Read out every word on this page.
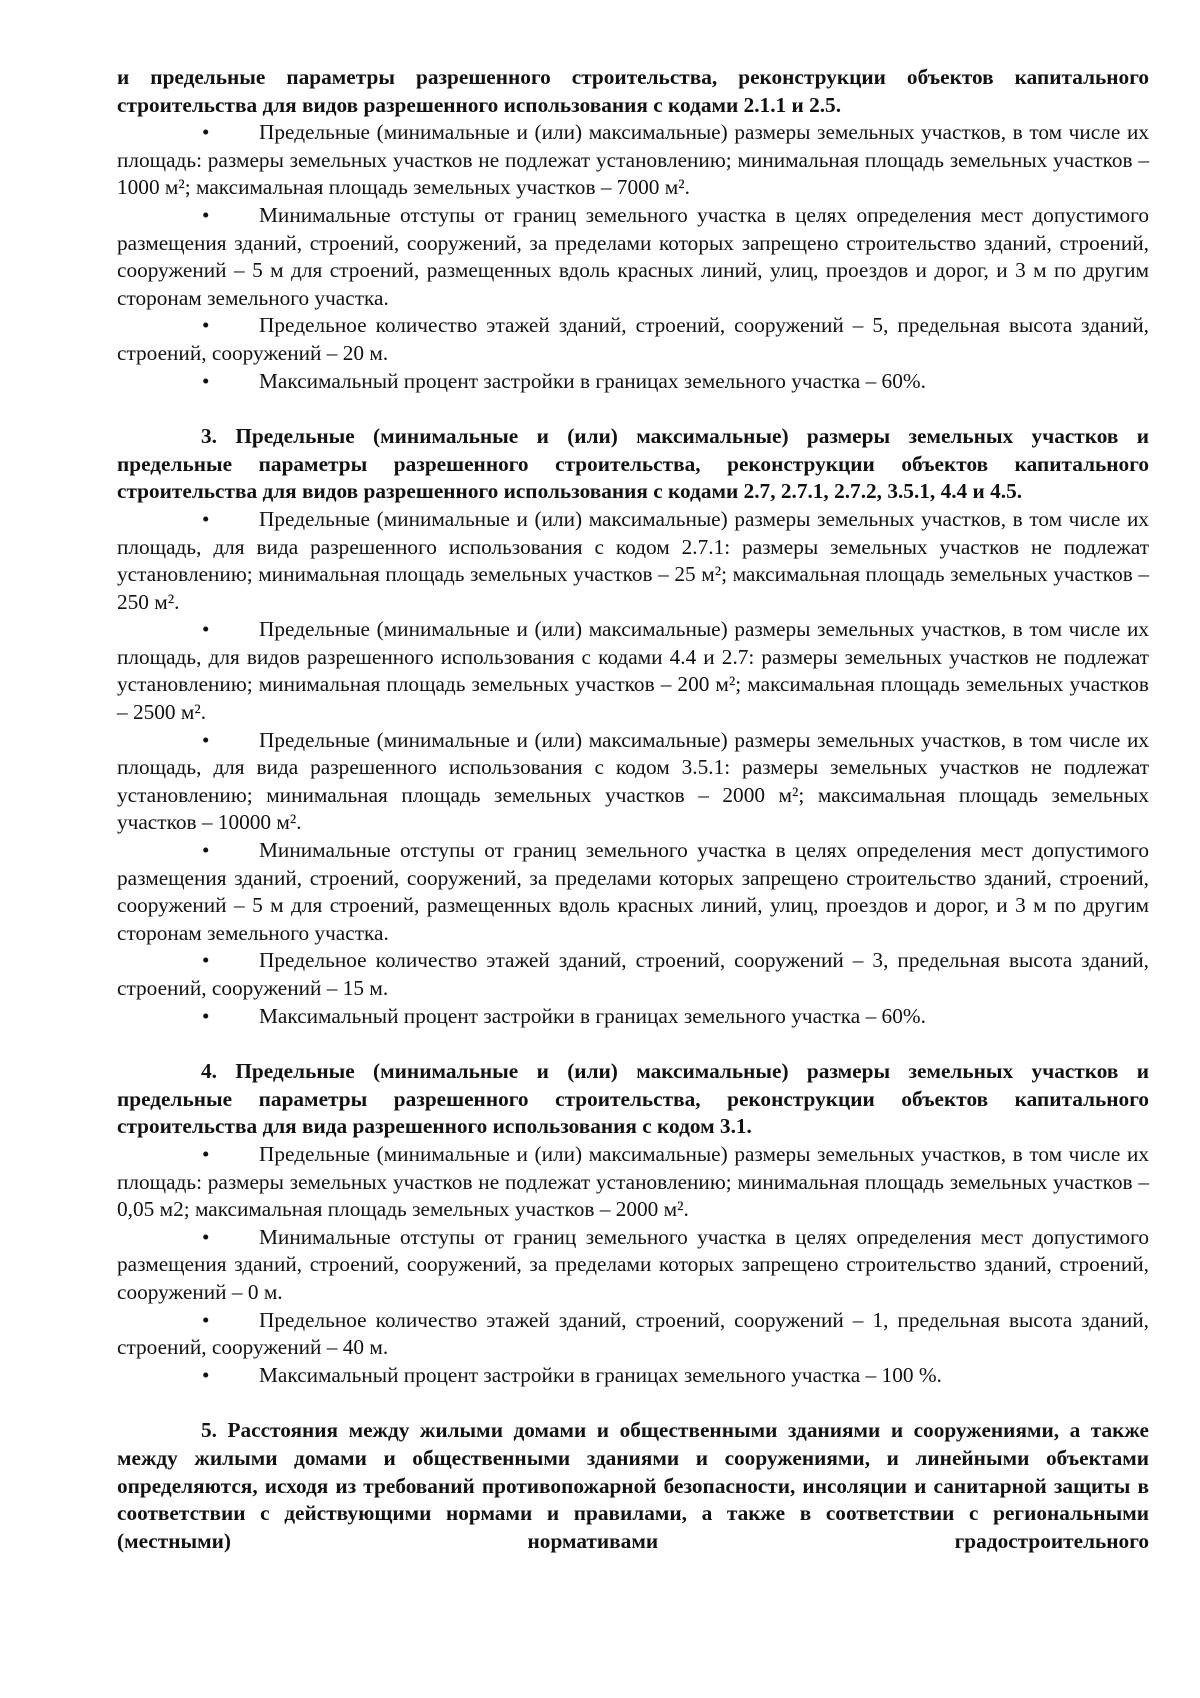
и предельные параметры разрешенного строительства, реконструкции объектов капитального строительства для видов разрешенного использования с кодами 2.1.1 и 2.5.

• Предельные (минимальные и (или) максимальные) размеры земельных участков, в том числе их площадь: размеры земельных участков не подлежат установлению; минимальная площадь земельных участков – 1000 м²; максимальная площадь земельных участков – 7000 м².

• Минимальные отступы от границ земельного участка в целях определения мест допустимого размещения зданий, строений, сооружений, за пределами которых запрещено строительство зданий, строений, сооружений – 5 м для строений, размещенных вдоль красных линий, улиц, проездов и дорог, и 3 м по другим сторонам земельного участка.

• Предельное количество этажей зданий, строений, сооружений – 5, предельная высота зданий, строений, сооружений – 20 м.

• Максимальный процент застройки в границах земельного участка – 60%.

3. Предельные (минимальные и (или) максимальные) размеры земельных участков и предельные параметры разрешенного строительства, реконструкции объектов капитального строительства для видов разрешенного использования с кодами 2.7, 2.7.1, 2.7.2, 3.5.1, 4.4 и 4.5.

• Предельные (минимальные и (или) максимальные) размеры земельных участков, в том числе их площадь, для вида разрешенного использования с кодом 2.7.1: размеры земельных участков не подлежат установлению; минимальная площадь земельных участков – 25 м²; максимальная площадь земельных участков – 250 м².

• Предельные (минимальные и (или) максимальные) размеры земельных участков, в том числе их площадь, для видов разрешенного использования с кодами 4.4 и 2.7: размеры земельных участков не подлежат установлению; минимальная площадь земельных участков – 200 м²; максимальная площадь земельных участков – 2500 м².

• Предельные (минимальные и (или) максимальные) размеры земельных участков, в том числе их площадь, для вида разрешенного использования с кодом 3.5.1: размеры земельных участков не подлежат установлению; минимальная площадь земельных участков – 2000 м²; максимальная площадь земельных участков – 10000 м².

• Минимальные отступы от границ земельного участка в целях определения мест допустимого размещения зданий, строений, сооружений, за пределами которых запрещено строительство зданий, строений, сооружений – 5 м для строений, размещенных вдоль красных линий, улиц, проездов и дорог, и 3 м по другим сторонам земельного участка.

• Предельное количество этажей зданий, строений, сооружений – 3, предельная высота зданий, строений, сооружений – 15 м.

• Максимальный процент застройки в границах земельного участка – 60%.

4. Предельные (минимальные и (или) максимальные) размеры земельных участков и предельные параметры разрешенного строительства, реконструкции объектов капитального строительства для вида разрешенного использования с кодом 3.1.

• Предельные (минимальные и (или) максимальные) размеры земельных участков, в том числе их площадь: размеры земельных участков не подлежат установлению; минимальная площадь земельных участков – 0,05 м2; максимальная площадь земельных участков – 2000 м².

• Минимальные отступы от границ земельного участка в целях определения мест допустимого размещения зданий, строений, сооружений, за пределами которых запрещено строительство зданий, строений, сооружений – 0 м.

• Предельное количество этажей зданий, строений, сооружений – 1, предельная высота зданий, строений, сооружений – 40 м.

• Максимальный процент застройки в границах земельного участка – 100 %.

5. Расстояния между жилыми домами и общественными зданиями и сооружениями, а также между жилыми домами и общественными зданиями и сооружениями, и линейными объектами определяются, исходя из требований противопожарной безопасности, инсоляции и санитарной защиты в соответствии с действующими нормами и правилами, а также в соответствии с региональными (местными) нормативами градостроительного
